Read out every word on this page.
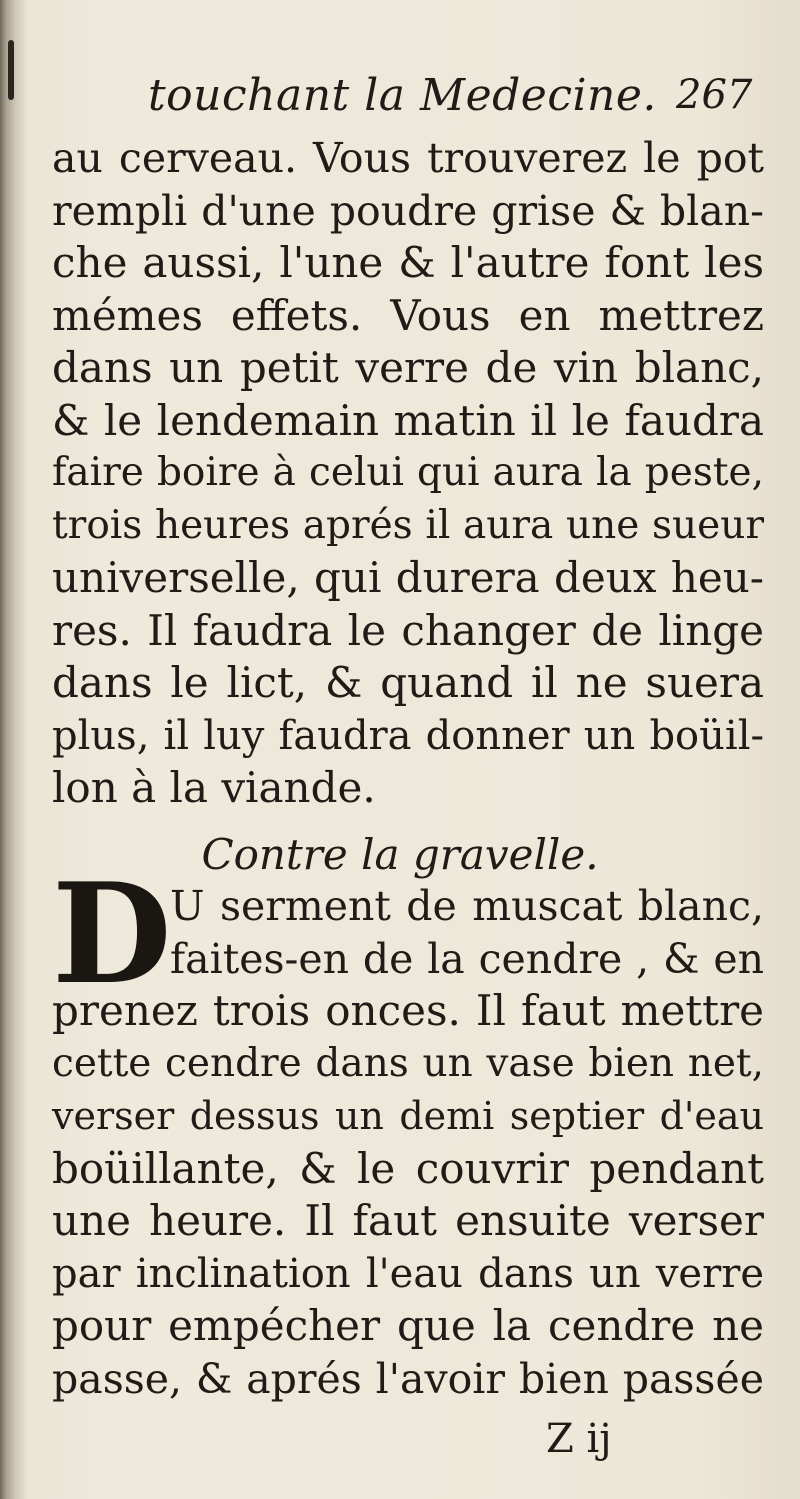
touchant la Medecine. 267
au cerveau. Vous trouverez le pot
rempli d'une poudre grise & blan-
che aussi, l'une & l'autre font les
mémes effets. Vous en mettrez
dans un petit verre de vin blanc,
& le lendemain matin il le faudra
faire boire à celui qui aura la peste,
trois heures aprés il aura une sueur
universelle, qui durera deux heu-
res. Il faudra le changer de linge
dans le lict, & quand il ne suera
plus, il luy faudra donner un boüil-
lon à la viande.
Contre la gravelle.
D
U serment de muscat blanc,
faites-en de la cendre , & en
prenez trois onces. Il faut mettre
cette cendre dans un vase bien net,
verser dessus un demi septier d'eau
boüillante, & le couvrir pendant
une heure. Il faut ensuite verser
par inclination l'eau dans un verre
pour empécher que la cendre ne
passe, & aprés l'avoir bien passée
Z ij
